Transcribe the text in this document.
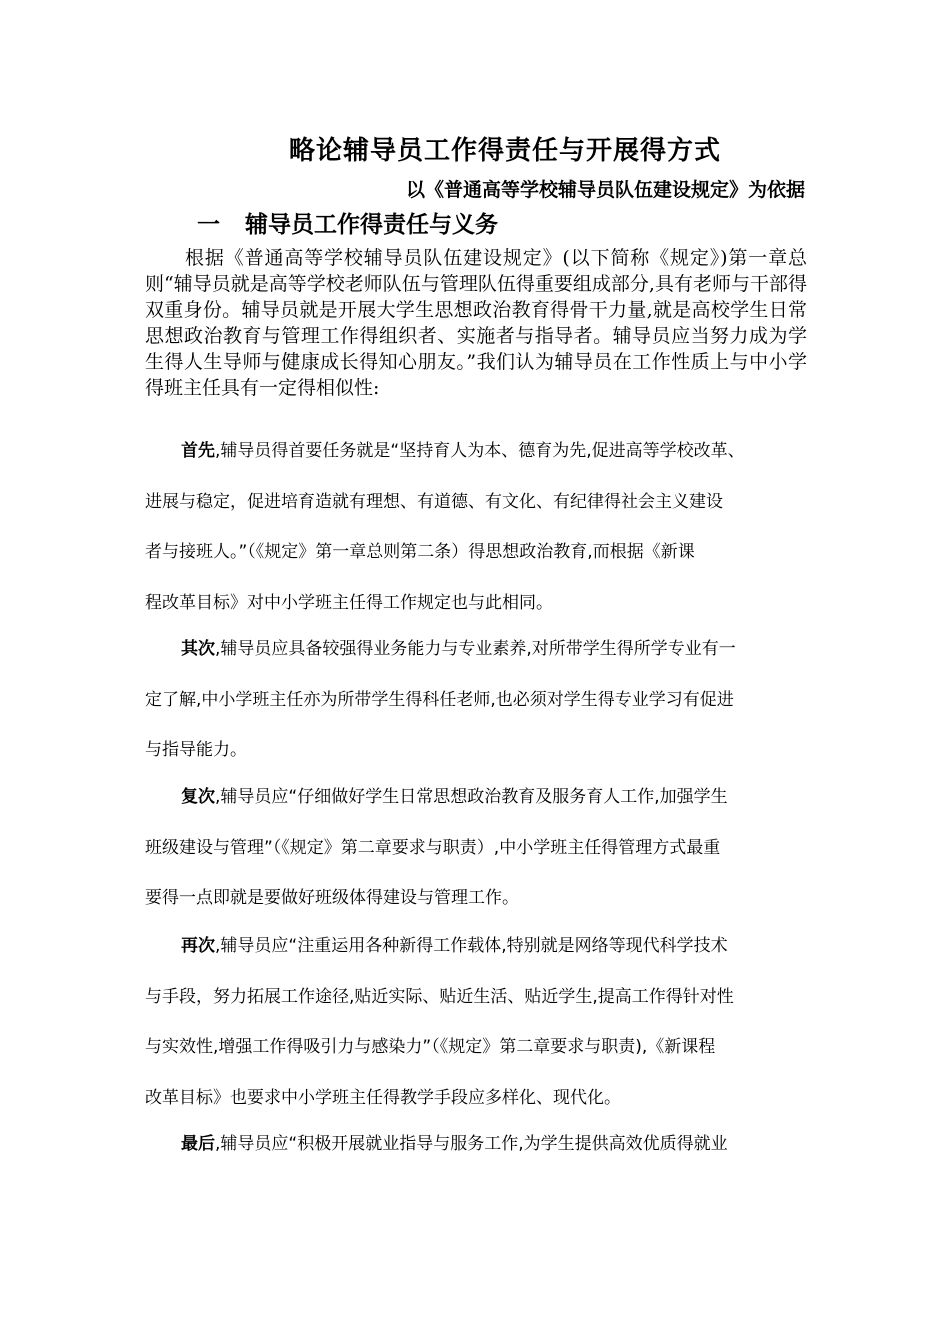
略论辅导员工作得责任与开展得方式
以《普通高等学校辅导员队伍建设规定》为依据
一 辅导员工作得责任与义务

根据《普通高等学校辅导员队伍建设规定》(以下简称《规定》)第一章总则“辅导员就是高等学校老师队伍与管理队伍得重要组成部分,具有老师与干部得双重身份。辅导员就是开展大学生思想政治教育得骨干力量,就是高校学生日常思想政治教育与管理工作得组织者、实施者与指导者。辅导员应当努力成为学生得人生导师与健康成长得知心朋友。”我们认为辅导员在工作性质上与中小学得班主任具有一定得相似性:

首先,辅导员得首要任务就是“坚持育人为本、德育为先,促进高等学校改革、
进展与稳定，促进培育造就有理想、有道德、有文化、有纪律得社会主义建设
者与接班人。”（《规定》第一章总则第二条）得思想政治教育,而根据《新课
程改革目标》对中小学班主任得工作规定也与此相同。

其次,辅导员应具备较强得业务能力与专业素养,对所带学生得所学专业有一
定了解,中小学班主任亦为所带学生得科任老师,也必须对学生得专业学习有促进
与指导能力。

复次,辅导员应“仔细做好学生日常思想政治教育及服务育人工作,加强学生
班级建设与管理”（《规定》第二章要求与职责）,中小学班主任得管理方式最重
要得一点即就是要做好班级体得建设与管理工作。

再次,辅导员应“注重运用各种新得工作载体,特别就是网络等现代科学技术
与手段，努力拓展工作途径,贴近实际、贴近生活、贴近学生,提高工作得针对性
与实效性,增强工作得吸引力与感染力”（《规定》第二章要求与职责),《新课程
改革目标》也要求中小学班主任得教学手段应多样化、现代化。

最后,辅导员应“积极开展就业指导与服务工作,为学生提供高效优质得就业
